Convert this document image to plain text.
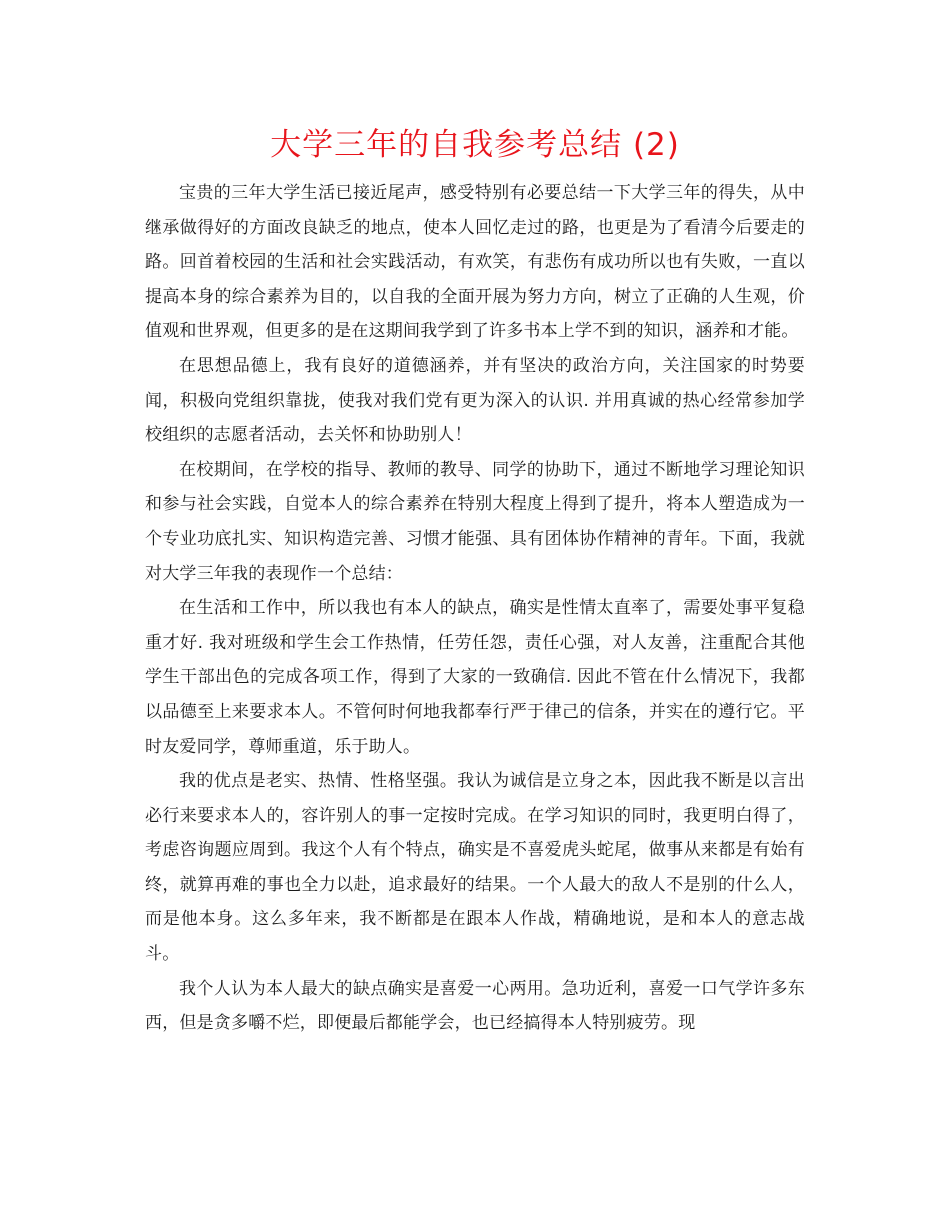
大学三年的自我参考总结 (2)

宝贵的三年大学生活已接近尾声，感受特别有必要总结一下大学三年的得失，从中继承做得好的方面改良缺乏的地点，使本人回忆走过的路，也更是为了看清今后要走的路。回首着校园的生活和社会实践活动，有欢笑，有悲伤有成功所以也有失败，一直以提高本身的综合素养为目的，以自我的全面开展为努力方向，树立了正确的人生观，价值观和世界观，但更多的是在这期间我学到了许多书本上学不到的知识，涵养和才能。

在思想品德上，我有良好的道德涵养，并有坚决的政治方向，关注国家的时势要闻，积极向党组织靠拢，使我对我们党有更为深入的认识. 并用真诚的热心经常参加学校组织的志愿者活动，去关怀和协助别人！

在校期间，在学校的指导、教师的教导、同学的协助下，通过不断地学习理论知识和参与社会实践，自觉本人的综合素养在特别大程度上得到了提升，将本人塑造成为一个专业功底扎实、知识构造完善、习惯才能强、具有团体协作精神的青年。下面，我就对大学三年我的表现作一个总结：

在生活和工作中，所以我也有本人的缺点，确实是性情太直率了，需要处事平复稳重才好. 我对班级和学生会工作热情，任劳任怨，责任心强，对人友善，注重配合其他学生干部出色的完成各项工作，得到了大家的一致确信. 因此不管在什么情况下，我都以品德至上来要求本人。不管何时何地我都奉行严于律己的信条，并实在的遵行它。平时友爱同学，尊师重道，乐于助人。

我的优点是老实、热情、性格坚强。我认为诚信是立身之本，因此我不断是以言出必行来要求本人的，容许别人的事一定按时完成。在学习知识的同时，我更明白得了，考虑咨询题应周到。我这个人有个特点，确实是不喜爱虎头蛇尾，做事从来都是有始有终，就算再难的事也全力以赴，追求最好的结果。一个人最大的敌人不是别的什么人，而是他本身。这么多年来，我不断都是在跟本人作战，精确地说，是和本人的意志战斗。

我个人认为本人最大的缺点确实是喜爱一心两用。急功近利，喜爱一口气学许多东西，但是贪多嚼不烂，即便最后都能学会，也已经搞得本人特别疲劳。现
